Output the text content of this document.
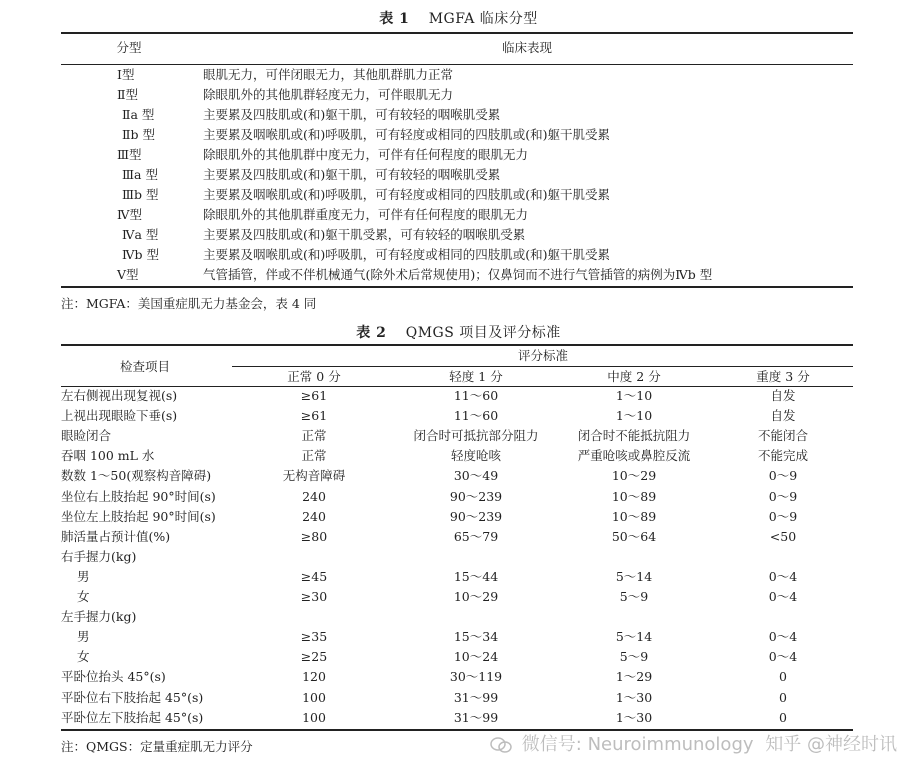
表 1 MGFA 临床分型
分型	临床表现
Ⅰ型	眼肌无力，可伴闭眼无力，其他肌群肌力正常
Ⅱ型	除眼肌外的其他肌群轻度无力，可伴眼肌无力
Ⅱa 型	主要累及四肢肌或(和)躯干肌，可有较轻的咽喉肌受累
Ⅱb 型	主要累及咽喉肌或(和)呼吸肌，可有轻度或相同的四肢肌或(和)躯干肌受累
Ⅲ型	除眼肌外的其他肌群中度无力，可伴有任何程度的眼肌无力
Ⅲa 型	主要累及四肢肌或(和)躯干肌，可有较轻的咽喉肌受累
Ⅲb 型	主要累及咽喉肌或(和)呼吸肌，可有轻度或相同的四肢肌或(和)躯干肌受累
Ⅳ型	除眼肌外的其他肌群重度无力，可伴有任何程度的眼肌无力
Ⅳa 型	主要累及四肢肌或(和)躯干肌受累，可有较轻的咽喉肌受累
Ⅳb 型	主要累及咽喉肌或(和)呼吸肌，可有轻度或相同的四肢肌或(和)躯干肌受累
Ⅴ型	气管插管，伴或不伴机械通气(除外术后常规使用)；仅鼻饲而不进行气管插管的病例为Ⅳb 型
注：MGFA：美国重症肌无力基金会，表 4 同
表 2 QMGS 项目及评分标准
检查项目
评分标准
正常 0 分	轻度 1 分	中度 2 分	重度 3 分
左右侧视出现复视(s)	≥61	11～60	1～10	自发
上视出现眼睑下垂(s)	≥61	11～60	1～10	自发
眼睑闭合	正常	闭合时可抵抗部分阻力	闭合时不能抵抗阻力	不能闭合
吞咽 100 mL 水	正常	轻度呛咳	严重呛咳或鼻腔反流	不能完成
数数 1～50(观察构音障碍)	无构音障碍	30～49	10～29	0～9
坐位右上肢抬起 90°时间(s)	240	90～239	10～89	0～9
坐位左上肢抬起 90°时间(s)	240	90～239	10～89	0～9
肺活量占预计值(%)	≥80	65～79	50～64	<50
右手握力(kg)
男	≥45	15～44	5～14	0～4
女	≥30	10～29	5～9	0～4
左手握力(kg)
男	≥35	15～34	5～14	0～4
女	≥25	10～24	5～9	0～4
平卧位抬头 45°(s)	120	30～119	1～29	0
平卧位右下肢抬起 45°(s)	100	31～99	1～30	0
平卧位左下肢抬起 45°(s)	100	31～99	1～30	0
注：QMGS：定量重症肌无力评分	微信号: Neuroimmunology 知乎 @神经时讯
